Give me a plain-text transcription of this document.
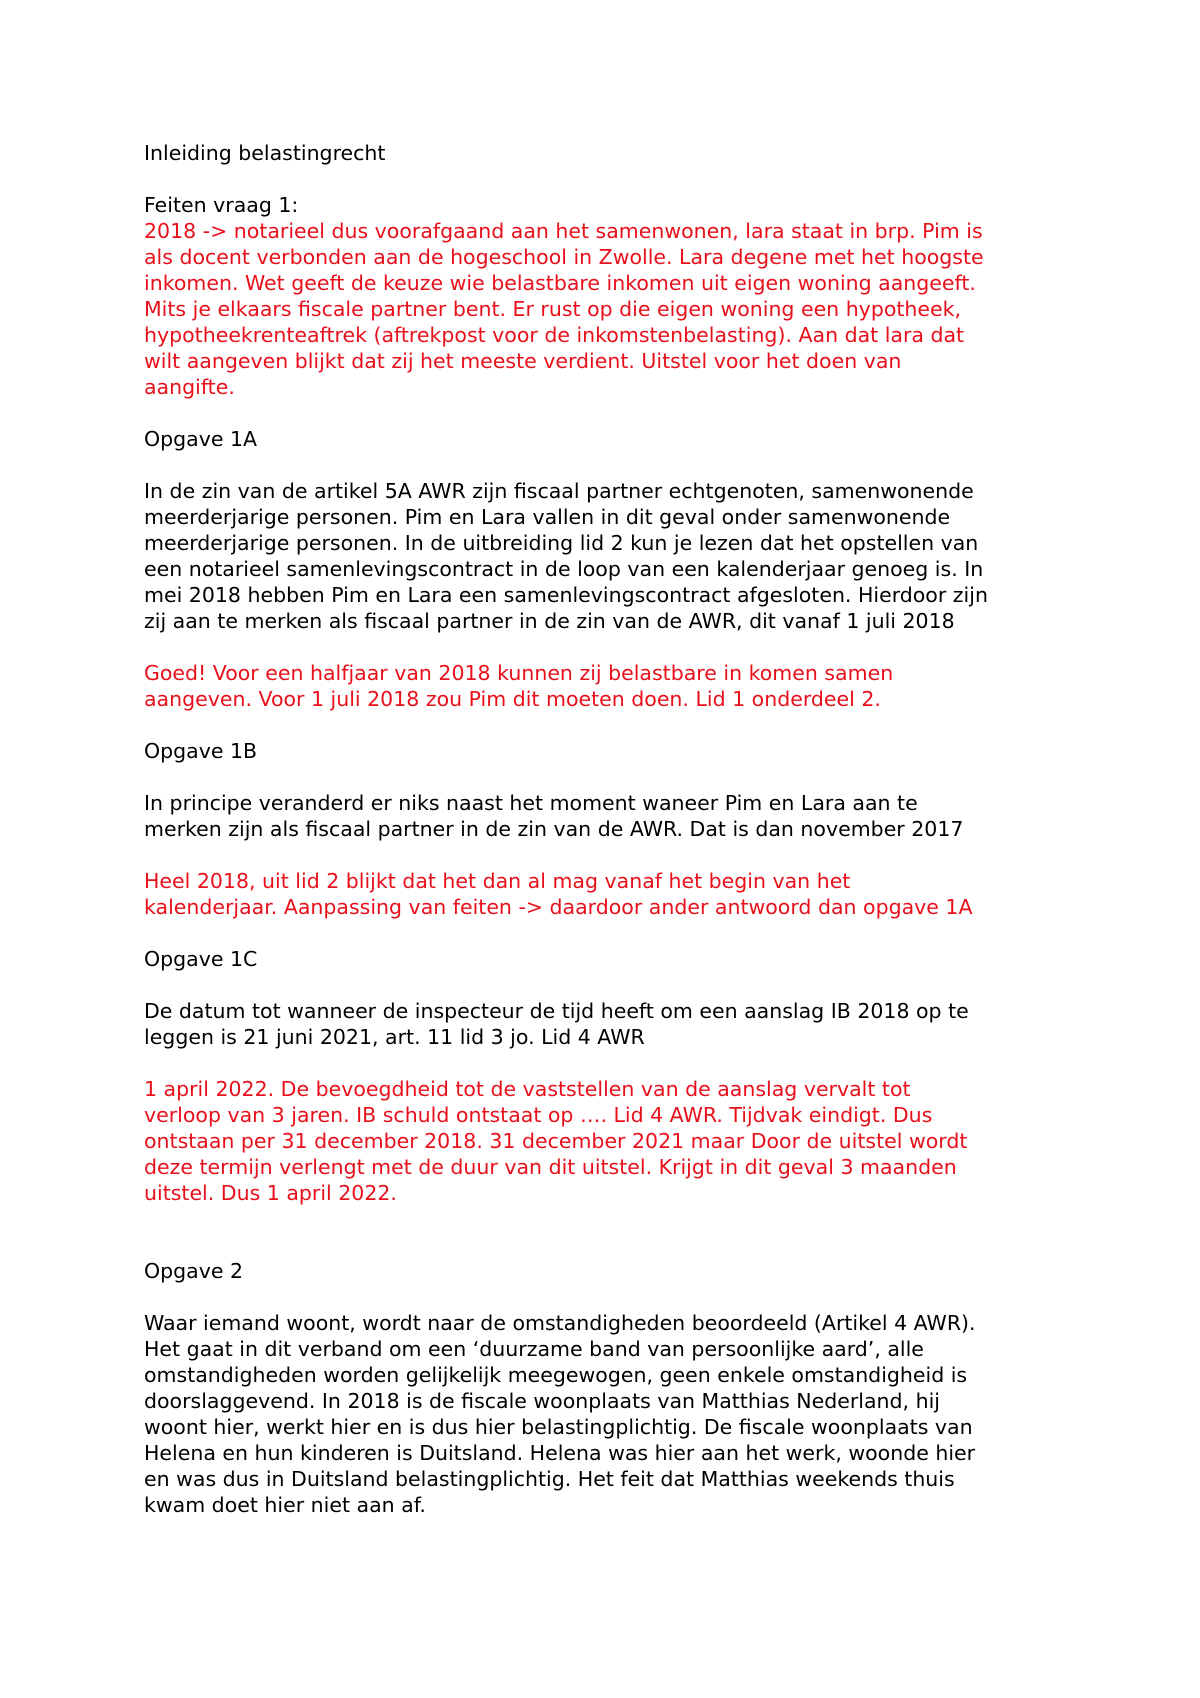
Inleiding belastingrecht

Feiten vraag 1:

2018 -> notarieel dus voorafgaand aan het samenwonen, lara staat in brp. Pim is
als docent verbonden aan de hogeschool in Zwolle. Lara degene met het hoogste
inkomen. Wet geeft de keuze wie belastbare inkomen uit eigen woning aangeeft.
Mits je elkaars fiscale partner bent. Er rust op die eigen woning een hypotheek,
hypotheekrenteaftrek (aftrekpost voor de inkomstenbelasting). Aan dat lara dat
wilt aangeven blijkt dat zij het meeste verdient. Uitstel voor het doen van
aangifte.

Opgave 1A

In de zin van de artikel 5A AWR zijn fiscaal partner echtgenoten, samenwonende
meerderjarige personen. Pim en Lara vallen in dit geval onder samenwonende
meerderjarige personen. In de uitbreiding lid 2 kun je lezen dat het opstellen van
een notarieel samenlevingscontract in de loop van een kalenderjaar genoeg is. In
mei 2018 hebben Pim en Lara een samenlevingscontract afgesloten. Hierdoor zijn
zij aan te merken als fiscaal partner in de zin van de AWR, dit vanaf 1 juli 2018

Goed! Voor een halfjaar van 2018 kunnen zij belastbare in komen samen
aangeven. Voor 1 juli 2018 zou Pim dit moeten doen. Lid 1 onderdeel 2.

Opgave 1B

In principe veranderd er niks naast het moment waneer Pim en Lara aan te
merken zijn als fiscaal partner in de zin van de AWR. Dat is dan november 2017

Heel 2018, uit lid 2 blijkt dat het dan al mag vanaf het begin van het
kalenderjaar. Aanpassing van feiten -> daardoor ander antwoord dan opgave 1A

Opgave 1C

De datum tot wanneer de inspecteur de tijd heeft om een aanslag IB 2018 op te
leggen is 21 juni 2021, art. 11 lid 3 jo. Lid 4 AWR

1 april 2022. De bevoegdheid tot de vaststellen van de aanslag vervalt tot
verloop van 3 jaren. IB schuld ontstaat op …. Lid 4 AWR. Tijdvak eindigt. Dus
ontstaan per 31 december 2018. 31 december 2021 maar Door de uitstel wordt
deze termijn verlengt met de duur van dit uitstel. Krijgt in dit geval 3 maanden
uitstel. Dus 1 april 2022.

Opgave 2

Waar iemand woont, wordt naar de omstandigheden beoordeeld (Artikel 4 AWR).
Het gaat in dit verband om een ‘duurzame band van persoonlijke aard’, alle
omstandigheden worden gelijkelijk meegewogen, geen enkele omstandigheid is
doorslaggevend. In 2018 is de fiscale woonplaats van Matthias Nederland, hij
woont hier, werkt hier en is dus hier belastingplichtig. De fiscale woonplaats van
Helena en hun kinderen is Duitsland. Helena was hier aan het werk, woonde hier
en was dus in Duitsland belastingplichtig. Het feit dat Matthias weekends thuis
kwam doet hier niet aan af.
